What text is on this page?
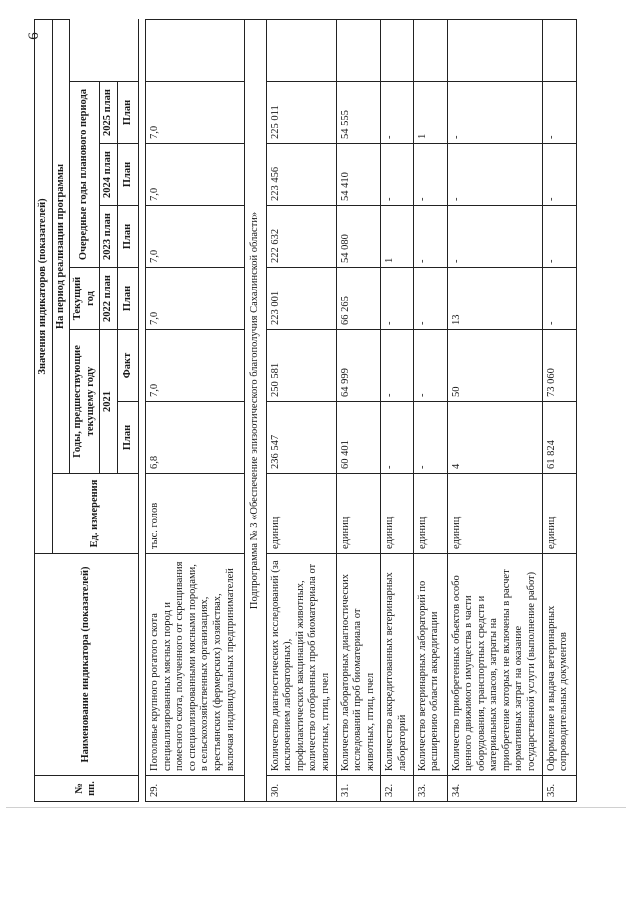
6
№ пп.	Наименование индикатора (показателей)	Значения индикаторов (показателей)							
		Ед. измерения	На период реализации программы						
			Годы, предшествующие текущему году		Текущий год	Очередные годы планового периода			
			2021		2022 план	2023 план	2024 план	2025 план	
			План	Факт	План	План	План	План	

29.	Поголовье крупного рогатого скота специализированных мясных пород и помесного скота, полученного от скрещивания со специализированными мясными породами, в сельскохозяйственных организациях, крестьянских (фермерских) хозяйствах, включая индивидуальных предпринимателей	тыс. голов	6,8	7,0	7,0	7,0	7,0	7,0	
Подпрограмма № 3 «Обеспечение эпизоотического благополучия Сахалинской области»									
30.	Количество диагностических исследований (за исключением лабораторных), профилактических вакцинаций животных, количество отобранных проб биоматериала от животных, птиц, пчел	единиц	236 547	250 581	223 001	222 632	223 456	225 011	
31.	Количество лабораторных диагностических исследований проб биоматериала от животных, птиц, пчел	единиц	60 401	64 999	66 265	54 080	54 410	54 555	
32.	Количество аккредитованных ветеринарных лабораторий	единиц	-	-	-	1	-	-	
33.	Количество ветеринарных лабораторий по расширению области аккредитации	единиц	-	-	-	-	-	1	
34.	Количество приобретенных объектов особо ценного движимого имущества в части оборудования, транспортных средств и материальных запасов, затраты на приобретение которых не включены в расчет нормативных затрат на оказание государственной услуги (выполнение работ)	единиц	4	50	13	-	-	-	
35.	Оформление и выдача ветеринарных сопроводительных документов	единиц	61 824	73 060	-	-	-	-	
